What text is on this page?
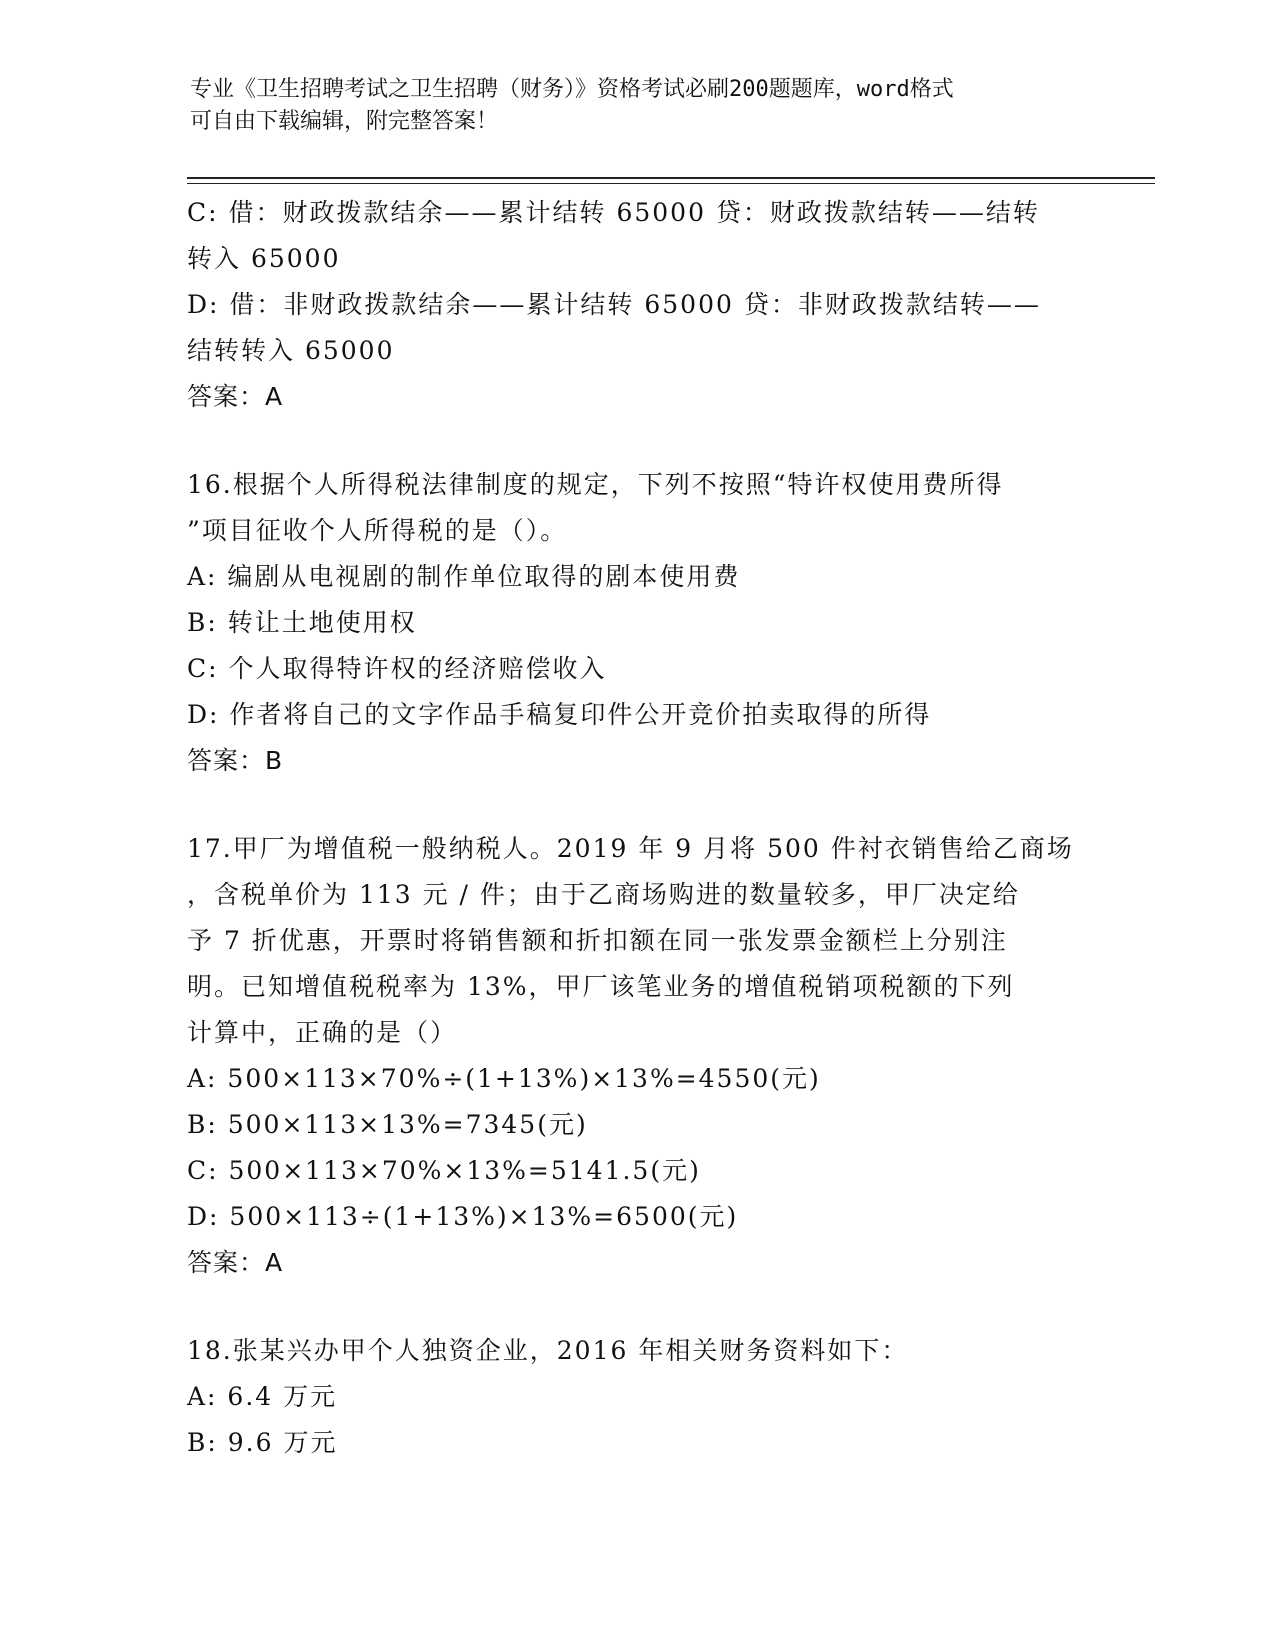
专业《卫生招聘考试之卫生招聘（财务）》资格考试必刷200题题库，word格式
可自由下载编辑，附完整答案！
C: 借：财政拨款结余——累计结转 65000 贷：财政拨款结转——结转
转入 65000
D: 借：非财政拨款结余——累计结转 65000 贷：非财政拨款结转——
结转转入 65000
答案：A
16.根据个人所得税法律制度的规定，下列不按照“特许权使用费所得
”项目征收个人所得税的是（）。
A: 编剧从电视剧的制作单位取得的剧本使用费
B: 转让土地使用权
C: 个人取得特许权的经济赔偿收入
D: 作者将自己的文字作品手稿复印件公开竞价拍卖取得的所得
答案：B
17.甲厂为增值税一般纳税人。2019 年 9 月将 500 件衬衣销售给乙商场
，含税单价为 113 元 / 件；由于乙商场购进的数量较多，甲厂决定给
予 7 折优惠，开票时将销售额和折扣额在同一张发票金额栏上分别注
明。已知增值税税率为 13%，甲厂该笔业务的增值税销项税额的下列
计算中，正确的是（）
A: 500×113×70%÷(1+13%)×13%=4550(元)
B: 500×113×13%=7345(元)
C: 500×113×70%×13%=5141.5(元)
D: 500×113÷(1+13%)×13%=6500(元)
答案：A
18.张某兴办甲个人独资企业，2016 年相关财务资料如下：
A: 6.4 万元
B: 9.6 万元
